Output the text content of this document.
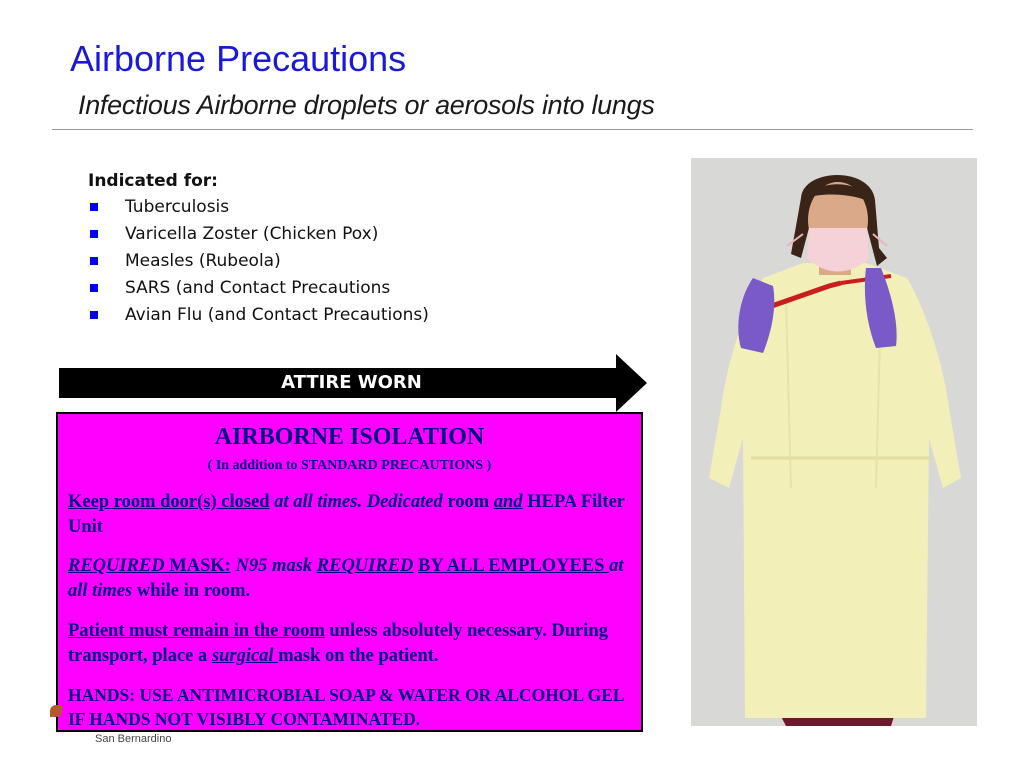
Airborne Precautions
Infectious Airborne droplets or aerosols into lungs
Indicated for:
Tuberculosis
Varicella Zoster (Chicken Pox)
Measles (Rubeola)
SARS (and Contact Precautions
Avian Flu (and Contact Precautions)
ATTIRE WORN
AIRBORNE ISOLATION
( In addition to STANDARD PRECAUTIONS )
Keep room door(s) closed at all times. Dedicated room and HEPA Filter Unit
REQUIRED MASK: N95 mask REQUIRED BY ALL EMPLOYEES at all times while in room.
Patient must remain in the room unless absolutely necessary. During transport, place a surgical mask on the patient.
HANDS: USE ANTIMICROBIAL SOAP & WATER OR ALCOHOL GEL IF HANDS NOT VISIBLY CONTAMINATED.
San Bernardino
